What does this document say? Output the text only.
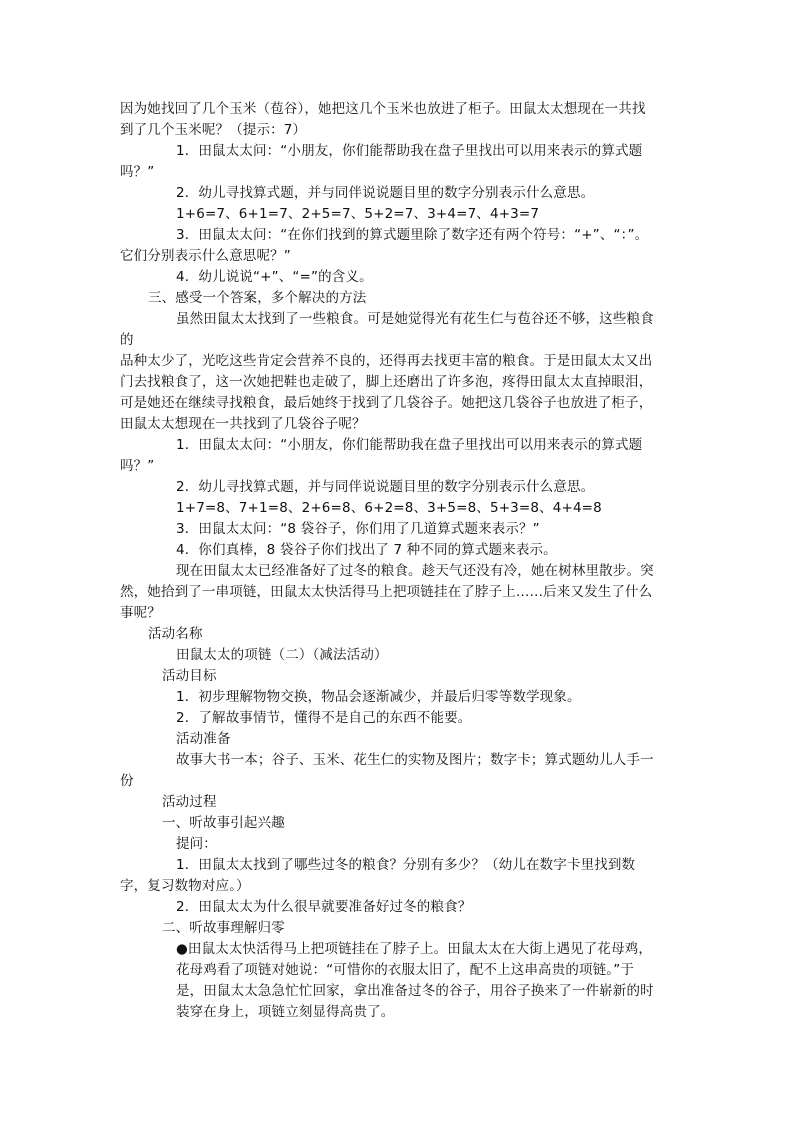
因为她找回了几个玉米（苞谷），她把这几个玉米也放进了柜子。田鼠太太想现在一共找
到了几个玉米呢？（提示：7）
1．田鼠太太问：“小朋友，你们能帮助我在盘子里找出可以用来表示的算式题
吗？”
2．幼儿寻找算式题，并与同伴说说题目里的数字分别表示什么意思。
1+6=7、6+1=7、2+5=7、5+2=7、3+4=7、4+3=7
3．田鼠太太问：“在你们找到的算式题里除了数字还有两个符号：“+”、“：”。
它们分别表示什么意思呢？”
4．幼儿说说“+”、“=”的含义。
三、感受一个答案，多个解决的方法
虽然田鼠太太找到了一些粮食。可是她觉得光有花生仁与苞谷还不够，这些粮食
的
品种太少了，光吃这些肯定会营养不良的，还得再去找更丰富的粮食。于是田鼠太太又出
门去找粮食了，这一次她把鞋也走破了，脚上还磨出了许多泡，疼得田鼠太太直掉眼泪，
可是她还在继续寻找粮食，最后她终于找到了几袋谷子。她把这几袋谷子也放进了柜子，
田鼠太太想现在一共找到了几袋谷子呢？
1．田鼠太太问：“小朋友，你们能帮助我在盘子里找出可以用来表示的算式题
吗？”
2．幼儿寻找算式题，并与同伴说说题目里的数字分别表示什么意思。
1+7=8、7+1=8、2+6=8、6+2=8、3+5=8、5+3=8、4+4=8
3．田鼠太太问：“8 袋谷子，你们用了几道算式题来表示？”
4．你们真棒，8 袋谷子你们找出了 7 种不同的算式题来表示。
现在田鼠太太已经准备好了过冬的粮食。趁天气还没有冷，她在树林里散步。突
然，她拾到了一串项链，田鼠太太快活得马上把项链挂在了脖子上……后来又发生了什么
事呢？
活动名称
田鼠太太的项链（二）（减法活动）
活动目标
1．初步理解物物交换，物品会逐渐减少，并最后归零等数学现象。
2．了解故事情节，懂得不是自己的东西不能要。
活动准备
故事大书一本；谷子、玉米、花生仁的实物及图片；数字卡；算式题幼儿人手一
份
活动过程
一、听故事引起兴趣
提问：
1．田鼠太太找到了哪些过冬的粮食？分别有多少？（幼儿在数字卡里找到数
字，复习数物对应。）
2．田鼠太太为什么很早就要准备好过冬的粮食？
二、听故事理解归零
●田鼠太太快活得马上把项链挂在了脖子上。田鼠太太在大街上遇见了花母鸡，
花母鸡看了项链对她说：“可惜你的衣服太旧了，配不上这串高贵的项链。”于
是，田鼠太太急急忙忙回家，拿出准备过冬的谷子，用谷子换来了一件崭新的时
装穿在身上，项链立刻显得高贵了。
